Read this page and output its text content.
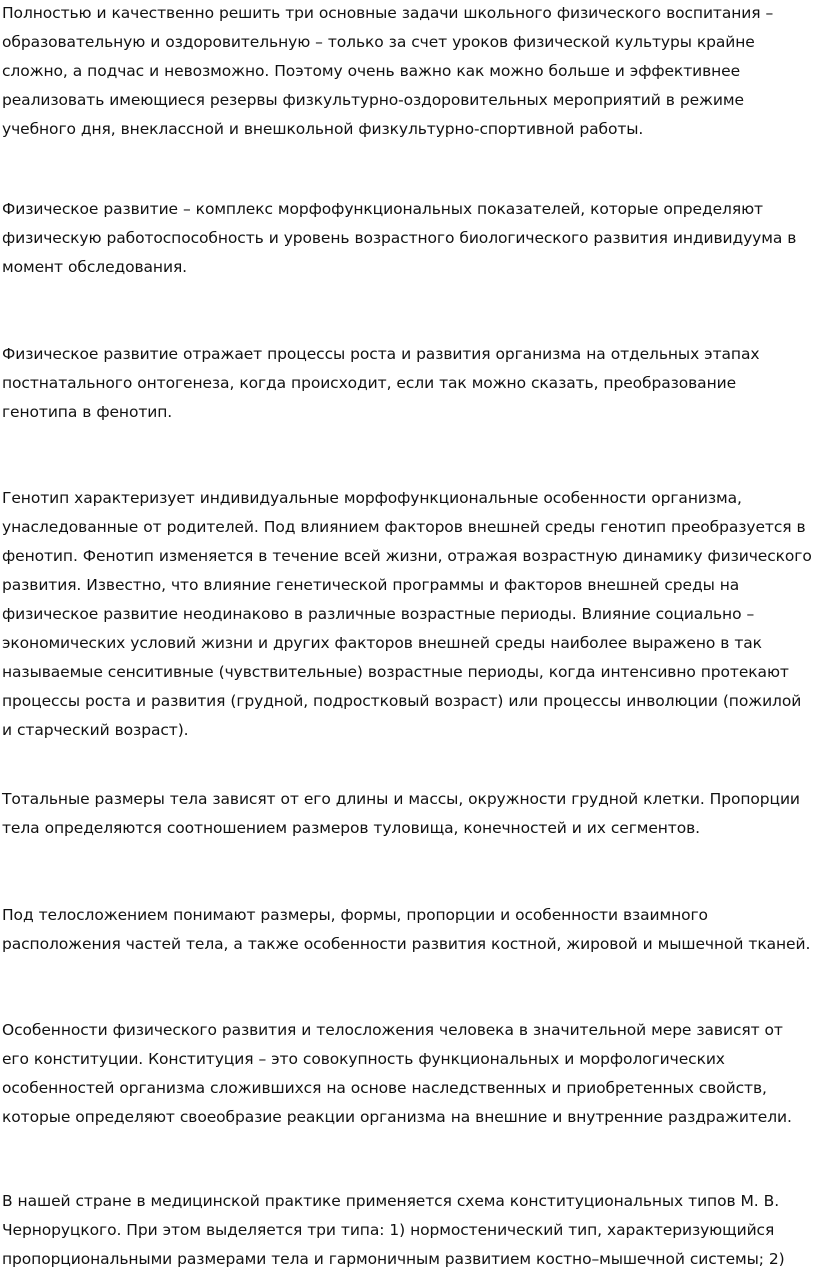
Полностью и качественно решить три основные задачи школьного физического воспитания – образовательную и оздоровительную – только за счет уроков физической культуры крайне сложно, а подчас и невозможно. Поэтому очень важно как можно больше и эффективнее реализовать имеющиеся резервы физкультурно-оздоровительных мероприятий в режиме учебного дня, внеклассной и внешкольной физкультурно-спортивной работы.

Физическое развитие – комплекс морфофункциональных показателей, которые определяют физическую работоспособность и уровень возрастного биологического развития индивидуума в момент обследования.

Физическое развитие отражает процессы роста и развития организма на отдельных этапах постнатального онтогенеза, когда происходит, если так можно сказать, преобразование генотипа в фенотип.

Генотип характеризует индивидуальные морфофункциональные особенности организма, унаследованные от родителей. Под влиянием факторов внешней среды генотип преобразуется в фенотип. Фенотип изменяется в течение всей жизни, отражая возрастную динамику физического развития. Известно, что влияние генетической программы и факторов внешней среды на физическое развитие неодинаково в различные возрастные периоды. Влияние социально – экономических условий жизни и других факторов внешней среды наиболее выражено в так называемые сенситивные (чувствительные) возрастные периоды, когда интенсивно протекают процессы роста и развития (грудной, подростковый возраст) или процессы инволюции (пожилой и старческий возраст).

Тотальные размеры тела зависят от его длины и массы, окружности грудной клетки. Пропорции тела определяются соотношением размеров туловища, конечностей и их сегментов.

Под телосложением понимают размеры, формы, пропорции и особенности взаимного расположения частей тела, а также особенности развития костной, жировой и мышечной тканей.

Особенности физического развития и телосложения человека в значительной мере зависят от его конституции. Конституция – это совокупность функциональных и морфологических особенностей организма сложившихся на основе наследственных и приобретенных свойств, которые определяют своеобразие реакции организма на внешние и внутренние раздражители.

В нашей стране в медицинской практике применяется схема конституциональных типов М. В. Черноруцкого. При этом выделяется три типа: 1) нормостенический тип, характеризующийся пропорциональными размерами тела и гармоничным развитием костно–мышечной системы; 2)
